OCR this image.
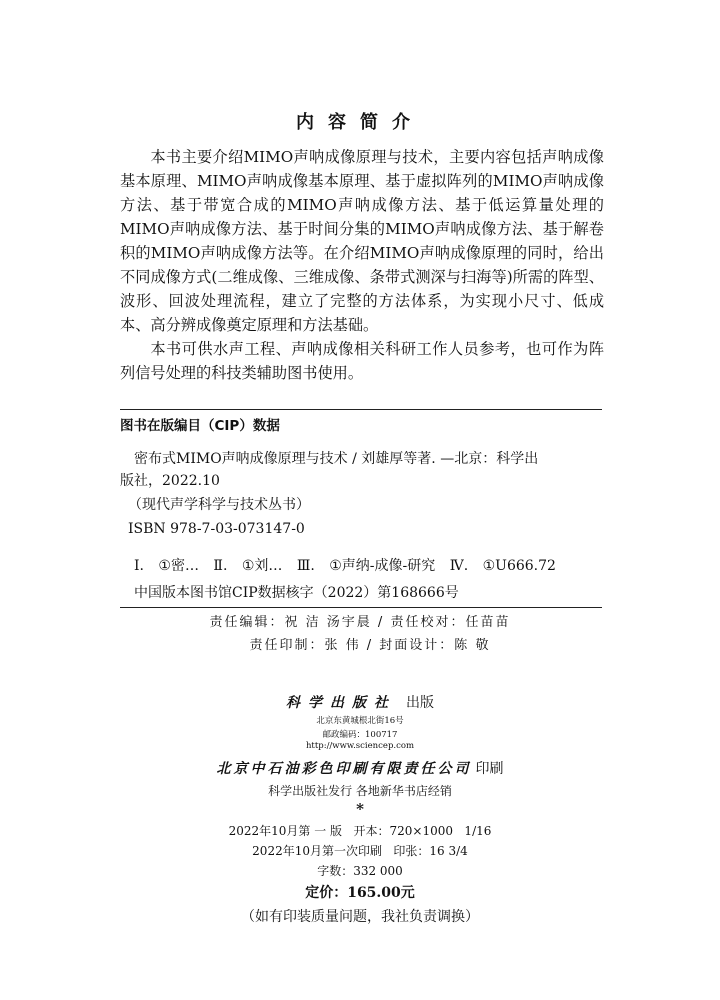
内容简介

本书主要介绍MIMO声呐成像原理与技术，主要内容包括声呐成像基本原理、MIMO声呐成像基本原理、基于虚拟阵列的MIMO声呐成像方法、基于带宽合成的MIMO声呐成像方法、基于低运算量处理的MIMO声呐成像方法、基于时间分集的MIMO声呐成像方法、基于解卷积的MIMO声呐成像方法等。在介绍MIMO声呐成像原理的同时，给出不同成像方式(二维成像、三维成像、条带式测深与扫海等)所需的阵型、波形、回波处理流程，建立了完整的方法体系，为实现小尺寸、低成本、高分辨成像奠定原理和方法基础。

本书可供水声工程、声呐成像相关科研工作人员参考，也可作为阵列信号处理的科技类辅助图书使用。

图书在版编目（CIP）数据
密布式MIMO声呐成像原理与技术 / 刘雄厚等著. —北京：科学出
版社，2022.10
（现代声学科学与技术丛书）
ISBN 978-7-03-073147-0
Ⅰ. ①密… Ⅱ. ①刘… Ⅲ. ①声纳-成像-研究 Ⅳ. ①U666.72
中国版本图书馆CIP数据核字（2022）第168666号
责任编辑：祝 洁 汤宇晨 / 责任校对：任苗苗
责任印制：张 伟 / 封面设计：陈 敬
科学出版社 出版
北京东黄城根北街16号
邮政编码：100717
http://www.sciencep.com
北京中石油彩色印刷有限责任公司 印刷
科学出版社发行 各地新华书店经销
*
2022年10月第 一 版   开本：720×1000   1/16
2022年10月第一次印刷   印张：16 3/4
字数：332 000
定价：165.00元
（如有印装质量问题，我社负责调换）
